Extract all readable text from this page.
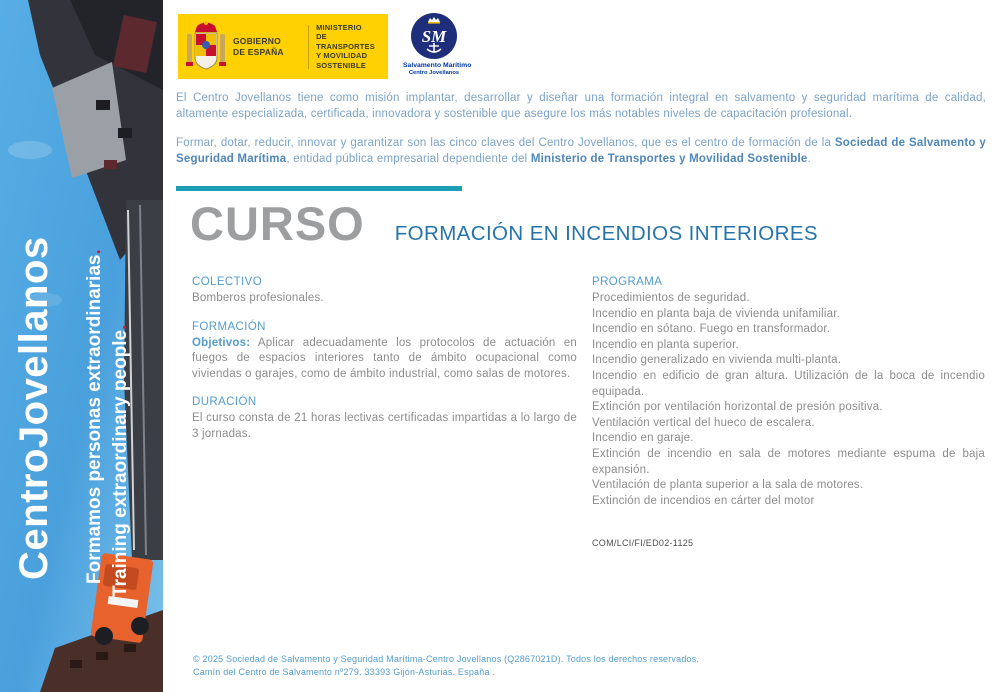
CentroJovellanos Formamos personas extraordinarias.
Training extraordinary people.
GOBIERNO
DE ESPAÑA
MINISTERIO
DE TRANSPORTES
Y MOVILIDAD SOSTENIBLE
SM
Salvamento Marítimo
Centro Jovellanos

El Centro Jovellanos tiene como misión implantar, desarrollar y diseñar una formación integral en salvamento y seguridad marítima de calidad, altamente especializada, certificada, innovadora y sostenible que asegure los más notables niveles de capacitación profesional.

Formar, dotar, reducir, innovar y garantizar son las cinco claves del Centro Jovellanos, que es el centro de formación de la Sociedad de Salvamento y Seguridad Marítima, entidad pública empresarial dependiente del Ministerio de Transportes y Movilidad Sostenible.

CURSO FORMACIÓN EN INCENDIOS INTERIORES
COLECTIVO

Bomberos profesionales.

FORMACIÓN

Objetivos: Aplicar adecuadamente los protocolos de actuación en fuegos de espacios interiores tanto de ámbito ocupacional como viviendas o garajes, como de ámbito industrial, como salas de motores.

DURACIÓN

El curso consta de 21 horas lectivas certificadas impartidas a lo largo de 3 jornadas.

PROGRAMA
Procedimientos de seguridad.
Incendio en planta baja de vivienda unifamiliar.
Incendio en sótano. Fuego en transformador.
Incendio en planta superior.
Incendio generalizado en vivienda multi-planta.
Incendio en edificio de gran altura. Utilización de la boca de incendio equipada.
Extinción por ventilación horizontal de presión positiva.
Ventilación vertical del hueco de escalera.
Incendio en garaje.
Extinción de incendio en sala de motores mediante espuma de baja expansión.
Ventilación de planta superior a la sala de motores.
Extinción de incendios en cárter del motor
COM/LCI/FI/ED02-1125
© 2025 Sociedad de Salvamento y Seguridad Marítima-Centro Jovellanos (Q2867021D). Todos los derechos reservados.
Camín del Centro de Salvamento nº279. 33393 Gijón-Asturias. España .
